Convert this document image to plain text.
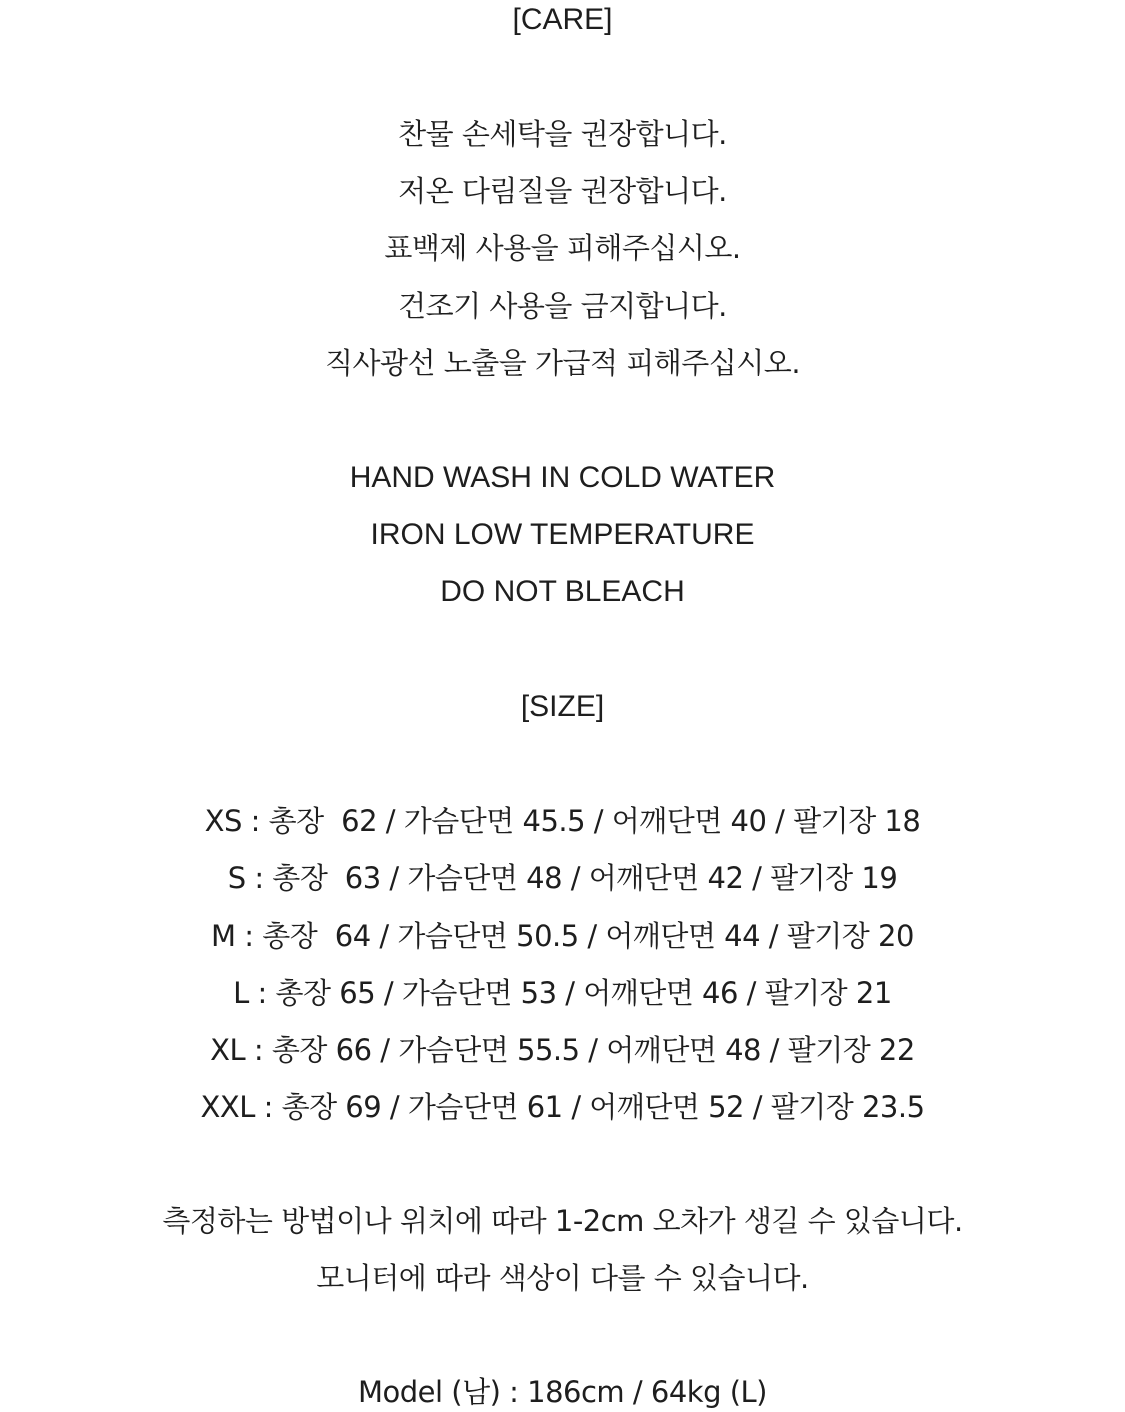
[CARE]
찬물 손세탁을 권장합니다.
저온 다림질을 권장합니다.
표백제 사용을 피해주십시오.
건조기 사용을 금지합니다.
직사광선 노출을 가급적 피해주십시오.
HAND WASH IN COLD WATER
IRON LOW TEMPERATURE
DO NOT BLEACH
[SIZE]
XS : 총장  62 / 가슴단면 45.5 / 어깨단면 40 / 팔기장 18
S : 총장  63 / 가슴단면 48 / 어깨단면 42 / 팔기장 19
M : 총장  64 / 가슴단면 50.5 / 어깨단면 44 / 팔기장 20
L : 총장 65 / 가슴단면 53 / 어깨단면 46 / 팔기장 21
XL : 총장 66 / 가슴단면 55.5 / 어깨단면 48 / 팔기장 22
XXL : 총장 69 / 가슴단면 61 / 어깨단면 52 / 팔기장 23.5
측정하는 방법이나 위치에 따라 1-2cm 오차가 생길 수 있습니다.
모니터에 따라 색상이 다를 수 있습니다.
Model (남) : 186cm / 64kg (L)
